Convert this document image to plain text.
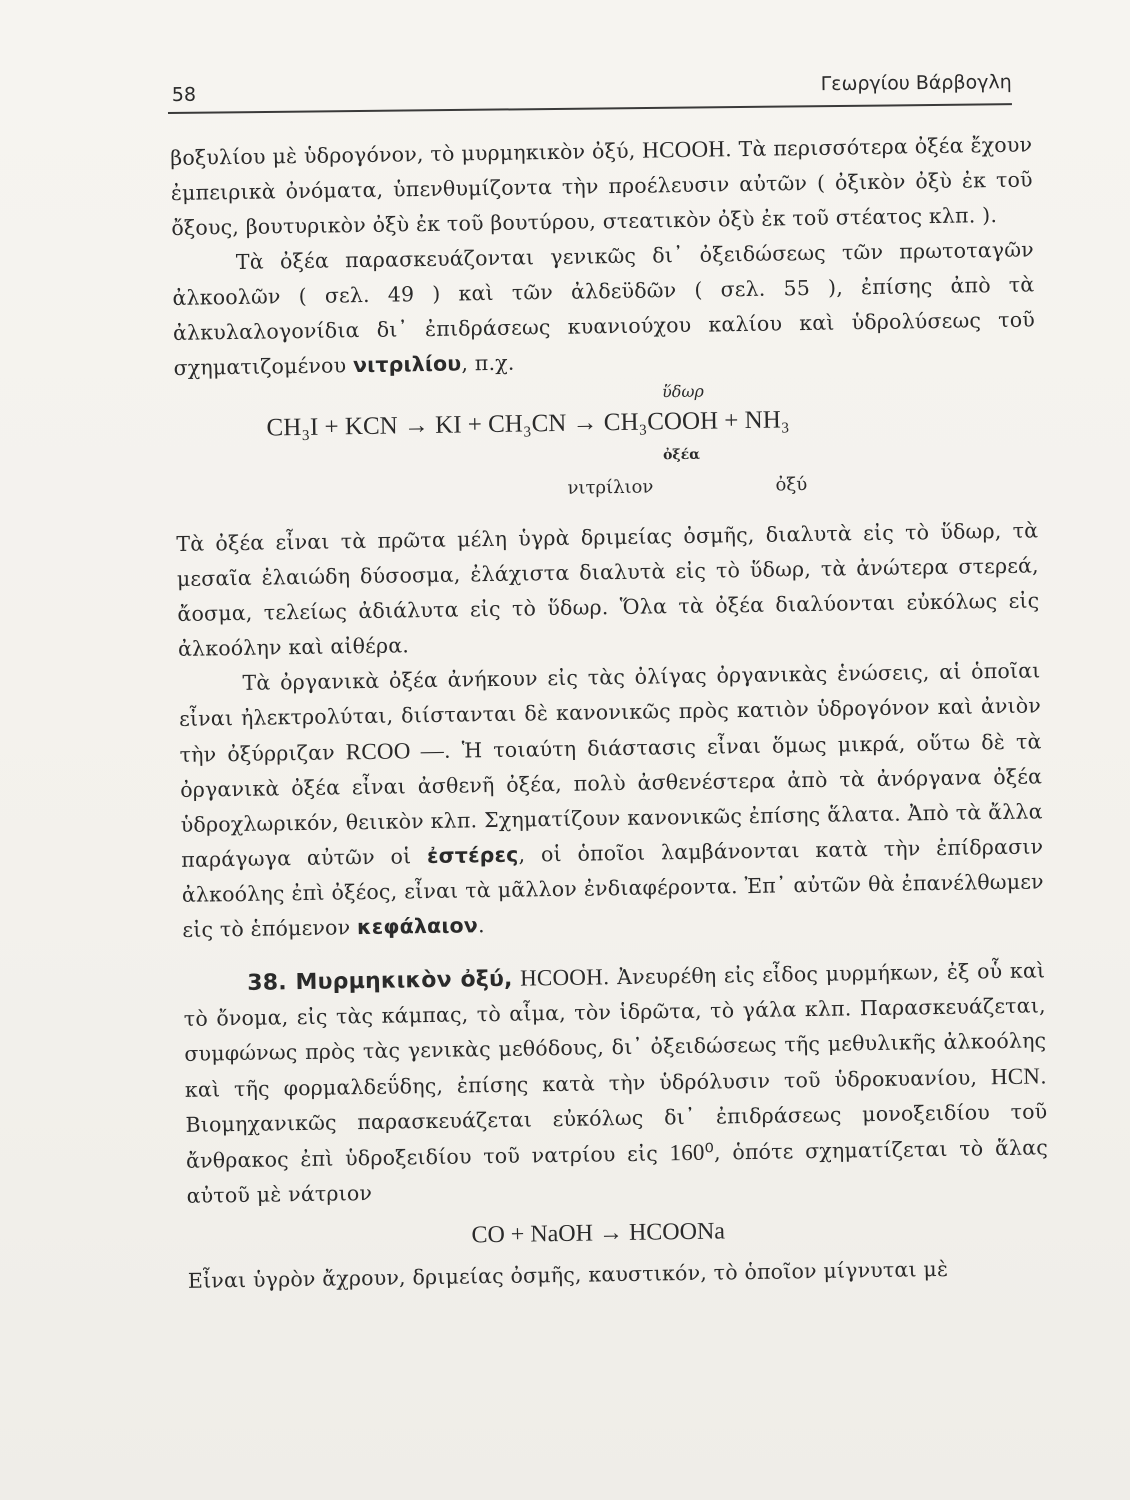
58	Γεωργίου Βάρβογλη

βοξυλίου μὲ ὑδρογόνον, τὸ μυρμηκικὸν ὀξύ, HCOOH. Τὰ περισσότερα ὀξέα ἔχουν ἐμπειρικὰ ὀνόματα, ὑπενθυμίζοντα τὴν προέλευσιν αὐτῶν ( ὀξικὸν ὀξὺ ἐκ τοῦ ὄξους, βουτυρικὸν ὀξὺ ἐκ τοῦ βουτύρου, στεατικὸν ὀξὺ ἐκ τοῦ στέατος κλπ. ).

Τὰ ὀξέα παρασκευάζονται γενικῶς δι᾽ ὀξειδώσεως τῶν πρωτοταγῶν ἀλκοολῶν ( σελ. 49 ) καὶ τῶν ἀλδεϋδῶν ( σελ. 55 ), ἐπίσης ἀπὸ τὰ ἀλκυλαλογονίδια δι᾽ ἐπιδράσεως κυανιούχου καλίου καὶ ὑδρολύσεως τοῦ σχηματιζομένου νιτριλίου, π.χ.

ὕδωρ
CH₃I + KCN → KI + CH₃CN → CH₃COOH + NH₃
ὀξέα
νιτρίλιον	ὀξύ

Τὰ ὀξέα εἶναι τὰ πρῶτα μέλη ὑγρὰ δριμείας ὀσμῆς, διαλυτὰ εἰς τὸ ὕδωρ, τὰ μεσαῖα ἐλαιώδη δύσοσμα, ἐλάχιστα διαλυτὰ εἰς τὸ ὕδωρ, τὰ ἀνώτερα στερεά, ἄοσμα, τελείως ἀδιάλυτα εἰς τὸ ὕδωρ. Ὅλα τὰ ὀξέα διαλύονται εὐκόλως εἰς ἀλκοόλην καὶ αἰθέρα.

Τὰ ὀργανικὰ ὀξέα ἀνήκουν εἰς τὰς ὀλίγας ὀργανικὰς ἑνώσεις, αἱ ὁποῖαι εἶναι ἠλεκτρολύται, διίστανται δὲ κανονικῶς πρὸς κατιὸν ὑδρογόνον καὶ ἀνιὸν τὴν ὀξύρριζαν RCOO —. Ἡ τοιαύτη διάστασις εἶναι ὅμως μικρά, οὕτω δὲ τὰ ὀργανικὰ ὀξέα εἶναι ἀσθενῆ ὀξέα, πολὺ ἀσθενέστερα ἀπὸ τὰ ἀνόργανα ὀξέα ὑδροχλωρικόν, θειικὸν κλπ. Σχηματίζουν κανονικῶς ἐπίσης ἅλατα. Ἀπὸ τὰ ἄλλα παράγωγα αὐτῶν οἱ ἐστέρες, οἱ ὁποῖοι λαμβάνονται κατὰ τὴν ἐπίδρασιν ἀλκοόλης ἐπὶ ὀξέος, εἶναι τὰ μᾶλλον ἐνδιαφέροντα. Ἐπ᾽ αὐτῶν θὰ ἐπανέλθωμεν εἰς τὸ ἑπόμενον κεφάλαιον.

38. Μυρμηκικὸν ὀξύ, HCOOH. Ἀνευρέθη εἰς εἶδος μυρμήκων, ἐξ οὗ καὶ τὸ ὄνομα, εἰς τὰς κάμπας, τὸ αἷμα, τὸν ἱδρῶτα, τὸ γάλα κλπ. Παρασκευάζεται, συμφώνως πρὸς τὰς γενικὰς μεθόδους, δι᾽ ὀξειδώσεως τῆς μεθυλικῆς ἀλκοόλης καὶ τῆς φορμαλδεΰδης, ἐπίσης κατὰ τὴν ὑδρόλυσιν τοῦ ὑδροκυανίου, HCN. Βιομηχανικῶς παρασκευάζεται εὐκόλως δι᾽ ἐπιδράσεως μονοξειδίου τοῦ ἄνθρακος ἐπὶ ὑδροξειδίου τοῦ νατρίου εἰς 160⁰, ὁπότε σχηματίζεται τὸ ἅλας αὐτοῦ μὲ νάτριον

CO + NaOH → HCOONa

Εἶναι ὑγρὸν ἄχρουν, δριμείας ὀσμῆς, καυστικόν, τὸ ὁποῖον μίγνυται μὲ
